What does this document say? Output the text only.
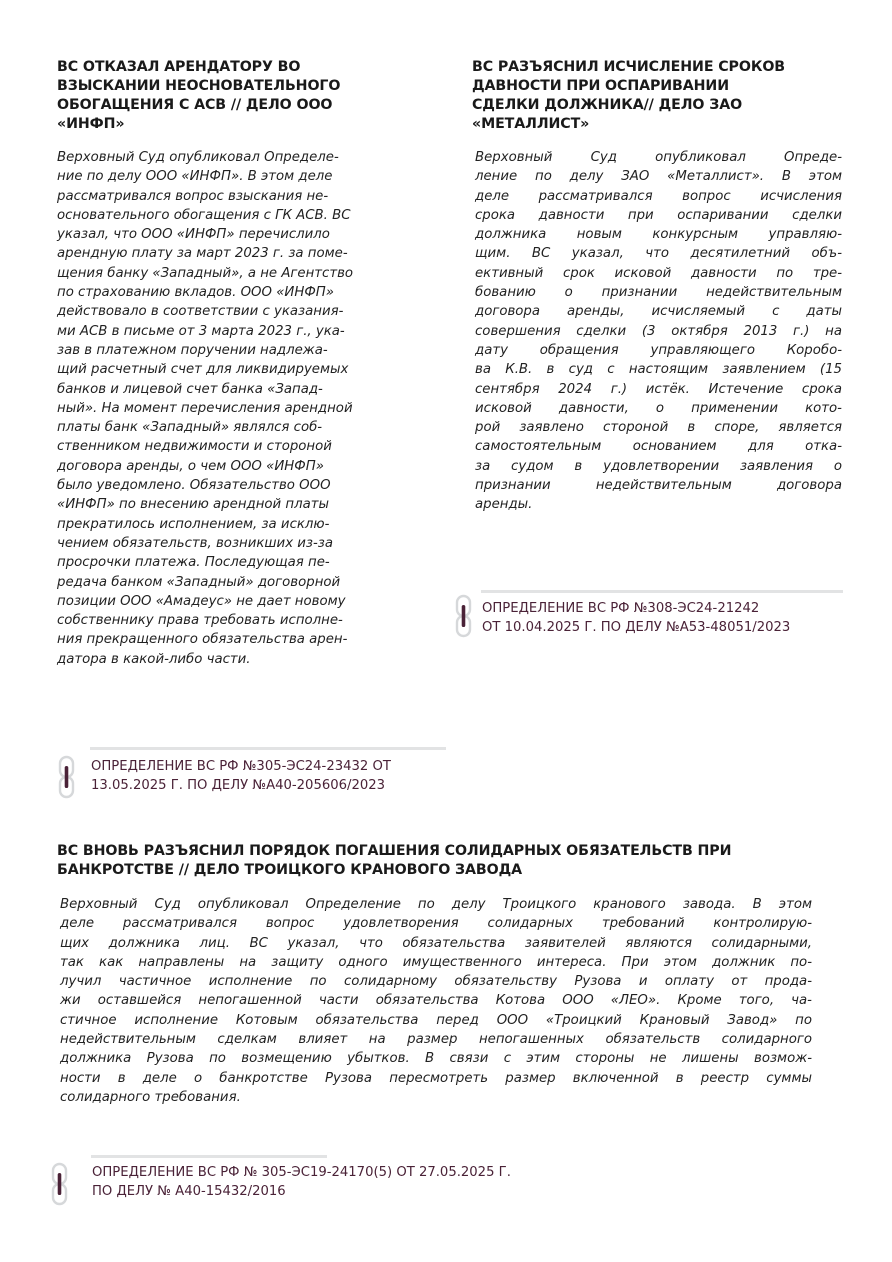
ВС ОТКАЗАЛ АРЕНДАТОРУ ВО
ВЗЫСКАНИИ НЕОСНОВАТЕЛЬНОГО
ОБОГАЩЕНИЯ С АСВ // ДЕЛО ООО
«ИНФП»
Верховный Суд опубликовал Определе-
ние по делу ООО «ИНФП». В этом деле
рассматривался вопрос взыскания не-
основательного обогащения с ГК АСВ. ВС
указал, что ООО «ИНФП» перечислило
арендную плату за март 2023 г. за поме-
щения банку «Западный», а не Агентство
по страхованию вкладов. ООО «ИНФП»
действовало в соответствии с указания-
ми АСВ в письме от 3 марта 2023 г., ука-
зав в платежном поручении надлежа-
щий расчетный счет для ликвидируемых
банков и лицевой счет банка «Запад-
ный». На момент перечисления арендной
платы банк «Западный» являлся соб-
ственником недвижимости и стороной
договора аренды, о чем ООО «ИНФП»
было уведомлено. Обязательство ООО
«ИНФП» по внесению арендной платы
прекратилось исполнением, за исклю-
чением обязательств, возникших из-за
просрочки платежа. Последующая пе-
редача банком «Западный» договорной
позиции ООО «Амадеус» не дает новому
собственнику права требовать исполне-
ния прекращенного обязательства арен-
датора в какой-либо части.
ОПРЕДЕЛЕНИЕ ВС РФ №305-ЭС24-23432 ОТ
13.05.2025 Г. ПО ДЕЛУ №А40-205606/2023
ВС РАЗЪЯСНИЛ ИСЧИСЛЕНИЕ СРОКОВ
ДАВНОСТИ ПРИ ОСПАРИВАНИИ
СДЕЛКИ ДОЛЖНИКА// ДЕЛО ЗАО
«МЕТАЛЛИСТ»
Верховный Суд опубликовал Опреде-
ление по делу ЗАО «Металлист». В этом
деле рассматривался вопрос исчисления
срока давности при оспаривании сделки
должника новым конкурсным управляю-
щим. ВС указал, что десятилетний объ-
ективный срок исковой давности по тре-
бованию о признании недействительным
договора аренды, исчисляемый с даты
совершения сделки (3 октября 2013 г.) на
дату обращения управляющего Коробо-
ва К.В. в суд с настоящим заявлением (15
сентября 2024 г.) истёк. Истечение срока
исковой давности, о применении кото-
рой заявлено стороной в споре, является
самостоятельным основанием для отка-
за судом в удовлетворении заявления о
признании недействительным договора
аренды.
ОПРЕДЕЛЕНИЕ ВС РФ №308-ЭС24-21242
ОТ 10.04.2025 Г. ПО ДЕЛУ №А53-48051/2023
ВС ВНОВЬ РАЗЪЯСНИЛ ПОРЯДОК ПОГАШЕНИЯ СОЛИДАРНЫХ ОБЯЗАТЕЛЬСТВ ПРИ
БАНКРОТСТВЕ // ДЕЛО ТРОИЦКОГО КРАНОВОГО ЗАВОДА
Верховный Суд опубликовал Определение по делу Троицкого кранового завода. В этом
деле рассматривался вопрос удовлетворения солидарных требований контролирую-
щих должника лиц. ВС указал, что обязательства заявителей являются солидарными,
так как направлены на защиту одного имущественного интереса. При этом должник по-
лучил частичное исполнение по солидарному обязательству Рузова и оплату от прода-
жи оставшейся непогашенной части обязательства Котова ООО «ЛЕО». Кроме того, ча-
стичное исполнение Котовым обязательства перед ООО «Троицкий Крановый Завод» по
недействительным сделкам влияет на размер непогашенных обязательств солидарного
должника Рузова по возмещению убытков. В связи с этим стороны не лишены возмож-
ности в деле о банкротстве Рузова пересмотреть размер включенной в реестр суммы
солидарного требования.
ОПРЕДЕЛЕНИЕ ВС РФ № 305-ЭС19-24170(5) ОТ 27.05.2025 Г.
ПО ДЕЛУ № А40-15432/2016
